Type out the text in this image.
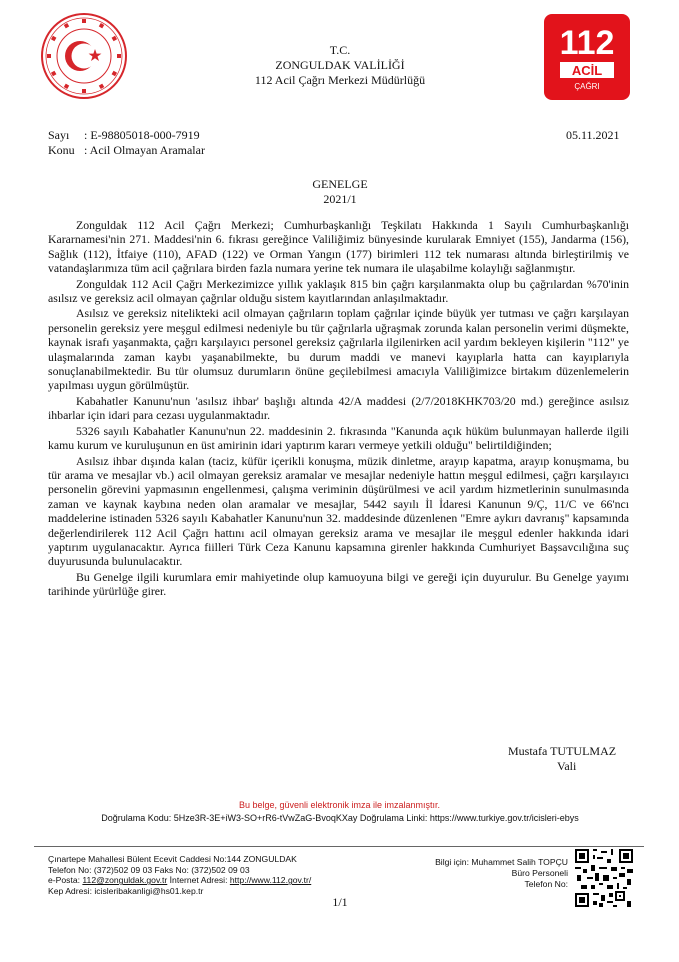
112
ACİL
ÇAĞRI
T.C.
ZONGULDAK VALİLİĞİ
112 Acil Çağrı Merkezi Müdürlüğü
Sayı : E-98805018-000-7919
Konu : Acil Olmayan Aramalar
05.11.2021
GENELGE
2021/1

Zonguldak 112 Acil Çağrı Merkezi; Cumhurbaşkanlığı Teşkilatı Hakkında 1 Sayılı Cumhurbaşkanlığı Kararnamesi'nin 271. Maddesi'nin 6. fıkrası gereğince Valiliğimiz bünyesinde kurularak Emniyet (155), Jandarma (156), Sağlık (112), İtfaiye (110), AFAD (122) ve Orman Yangın (177) birimleri 112 tek numarası altında birleştirilmiş ve vatandaşlarımıza tüm acil çağrılara birden fazla numara yerine tek numara ile ulaşabilme kolaylığı sağlanmıştır.

Zonguldak 112 Acil Çağrı Merkezimizce yıllık yaklaşık 815 bin çağrı karşılanmakta olup bu çağrılardan %70'inin asılsız ve gereksiz acil olmayan çağrılar olduğu sistem kayıtlarından anlaşılmaktadır.

Asılsız ve gereksiz nitelikteki acil olmayan çağrıların toplam çağrılar içinde büyük yer tutması ve çağrı karşılayan personelin gereksiz yere meşgul edilmesi nedeniyle bu tür çağrılarla uğraşmak zorunda kalan personelin verimi düşmekte, kaynak israfı yaşanmakta, çağrı karşılayıcı personel gereksiz çağrılarla ilgilenirken acil yardım bekleyen kişilerin "112" ye ulaşmalarında zaman kaybı yaşanabilmekte, bu durum maddi ve manevi kayıplarla hatta can kayıplarıyla sonuçlanabilmektedir. Bu tür olumsuz durumların önüne geçilebilmesi amacıyla Valiliğimizce birtakım düzenlemelerin yapılması uygun görülmüştür.

Kabahatler Kanunu'nun 'asılsız ihbar' başlığı altında 42/A maddesi (2/7/2018KHK703/20 md.) gereğince asılsız ihbarlar için idari para cezası uygulanmaktadır.

5326 sayılı Kabahatler Kanunu'nun 22. maddesinin 2. fıkrasında "Kanunda açık hüküm bulunmayan hallerde ilgili kamu kurum ve kuruluşunun en üst amirinin idari yaptırım kararı vermeye yetkili olduğu" belirtildiğinden;

Asılsız ihbar dışında kalan (taciz, küfür içerikli konuşma, müzik dinletme, arayıp kapatma, arayıp konuşmama, bu tür arama ve mesajlar vb.) acil olmayan gereksiz aramalar ve mesajlar nedeniyle hattın meşgul edilmesi, çağrı karşılayıcı personelin görevini yapmasının engellenmesi, çalışma veriminin düşürülmesi ve acil yardım hizmetlerinin sunulmasında zaman ve kaynak kaybına neden olan aramalar ve mesajlar, 5442 sayılı İl İdaresi Kanunun 9/Ç, 11/C ve 66'ncı maddelerine istinaden 5326 sayılı Kabahatler Kanunu'nun 32. maddesinde düzenlenen "Emre aykırı davranış" kapsamında değerlendirilerek 112 Acil Çağrı hattını acil olmayan gereksiz arama ve mesajlar ile meşgul edenler hakkında idari yaptırım uygulanacaktır. Ayrıca fiilleri Türk Ceza Kanunu kapsamına girenler hakkında Cumhuriyet Başsavcılığına suç duyurusunda bulunulacaktır.

Bu Genelge ilgili kurumlara emir mahiyetinde olup kamuoyuna bilgi ve gereği için duyurulur. Bu Genelge yayımı tarihinde yürürlüğe girer.

Mustafa TUTULMAZ
Vali
Bu belge, güvenli elektronik imza ile imzalanmıştır.
Doğrulama Kodu: 5Hze3R-3E+iW3-SO+rR6-tVwZaG-BvoqKXay Doğrulama Linki: https://www.turkiye.gov.tr/icisleri-ebys
Çınartepe Mahallesi Bülent Ecevit Caddesi No:144 ZONGULDAK
Telefon No: (372)502 09 03 Faks No: (372)502 09 03
e-Posta: 112@zonguldak.gov.tr İnternet Adresi: http://www.112.gov.tr/
Kep Adresi: icisleribakanligi@hs01.kep.tr
Bilgi için: Muhammet Salih TOPÇU
Büro Personeli
Telefon No:
1/1
